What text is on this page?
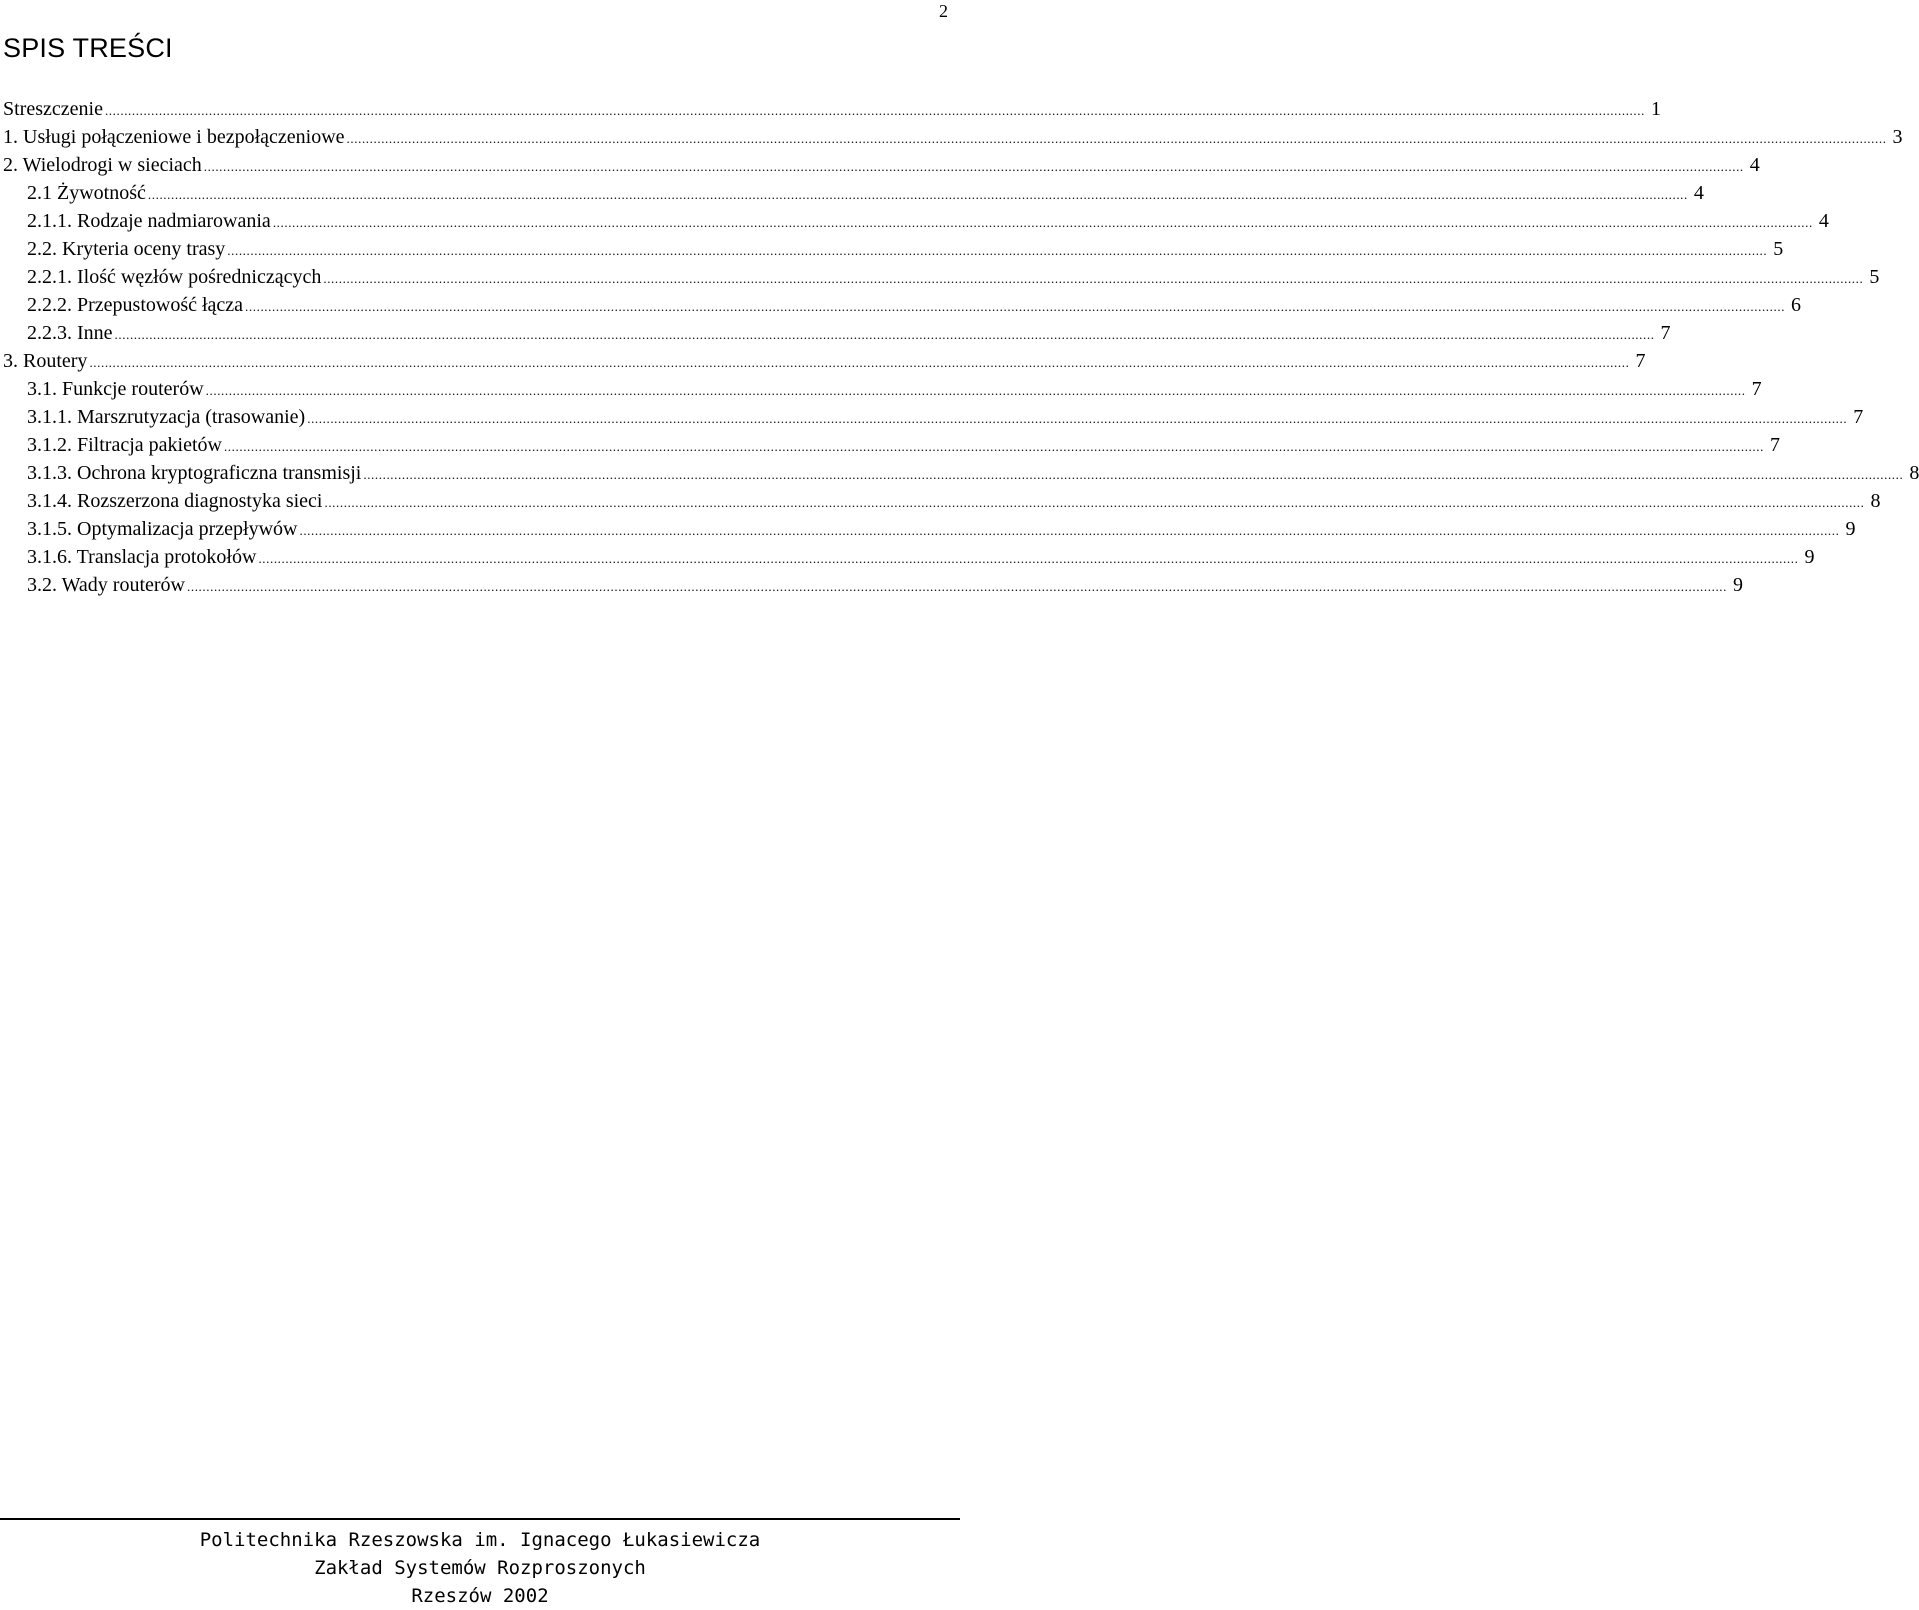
2
SPIS TREŚCI
Streszczenie ................................................................................................................................................................................................................................................................................................................................................................................................................ 1
1. Usługi połączeniowe i bezpołączeniowe ................................................................................................................................................................................................................................................................................................................................................................................................................ 3
2. Wielodrogi w sieciach ................................................................................................................................................................................................................................................................................................................................................................................................................ 4
2.1 Żywotność ................................................................................................................................................................................................................................................................................................................................................................................................................ 4
2.1.1. Rodzaje nadmiarowania ................................................................................................................................................................................................................................................................................................................................................................................................................ 4
2.2. Kryteria oceny trasy ................................................................................................................................................................................................................................................................................................................................................................................................................ 5
2.2.1. Ilość węzłów pośredniczących ................................................................................................................................................................................................................................................................................................................................................................................................................ 5
2.2.2. Przepustowość łącza ................................................................................................................................................................................................................................................................................................................................................................................................................ 6
2.2.3. Inne ................................................................................................................................................................................................................................................................................................................................................................................................................ 7
3. Routery ................................................................................................................................................................................................................................................................................................................................................................................................................ 7
3.1. Funkcje routerów ................................................................................................................................................................................................................................................................................................................................................................................................................ 7
3.1.1. Marszrutyzacja (trasowanie) ................................................................................................................................................................................................................................................................................................................................................................................................................ 7
3.1.2. Filtracja pakietów ................................................................................................................................................................................................................................................................................................................................................................................................................ 7
3.1.3. Ochrona kryptograficzna transmisji ................................................................................................................................................................................................................................................................................................................................................................................................................ 8
3.1.4. Rozszerzona diagnostyka sieci ................................................................................................................................................................................................................................................................................................................................................................................................................ 8
3.1.5. Optymalizacja przepływów ................................................................................................................................................................................................................................................................................................................................................................................................................ 9
3.1.6. Translacja protokołów ................................................................................................................................................................................................................................................................................................................................................................................................................ 9
3.2. Wady routerów ................................................................................................................................................................................................................................................................................................................................................................................................................ 9
Politechnika Rzeszowska im. Ignacego Łukasiewicza
Zakład Systemów Rozproszonych
Rzeszów 2002
